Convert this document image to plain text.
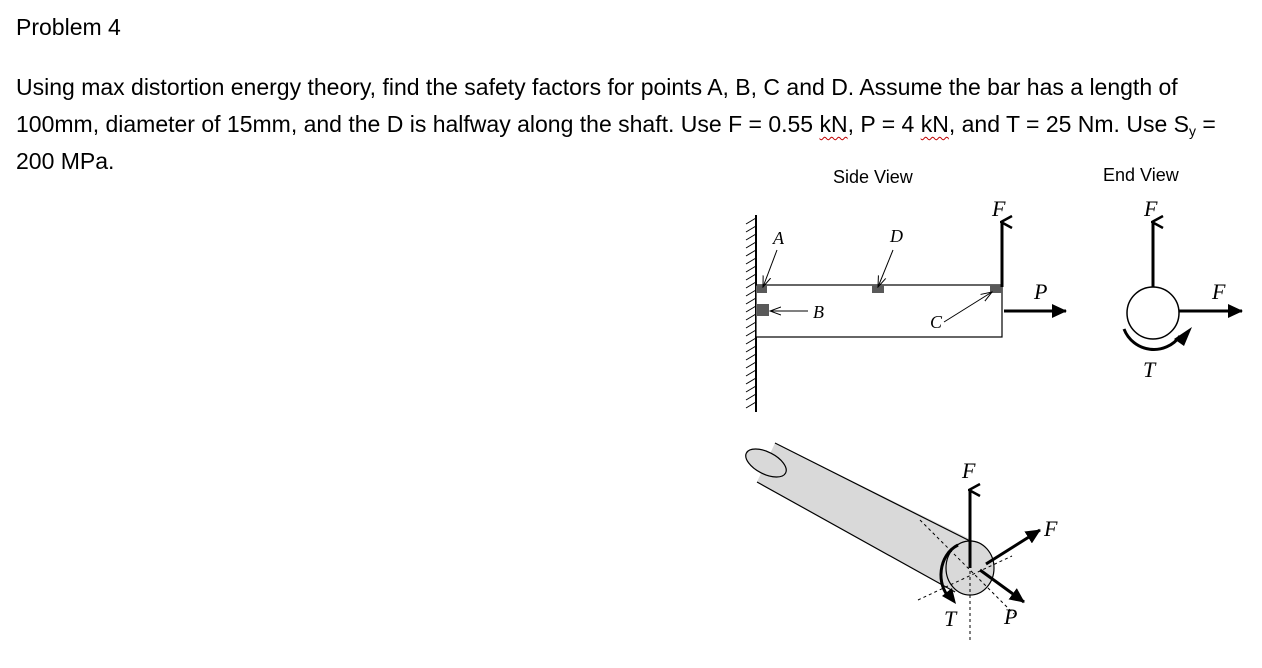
Problem 4
Using max distortion energy theory, find the safety factors for points A, B, C and D. Assume the bar has a length of 100mm, diameter of 15mm, and the D is halfway along the shaft. Use F = 0.55 kN, P = 4 kN, and T = 25 Nm. Use $S_y = 200$ MPa.
Side View
A	D
B	C
F
P
End View
F
F
T
F
F
P
T
